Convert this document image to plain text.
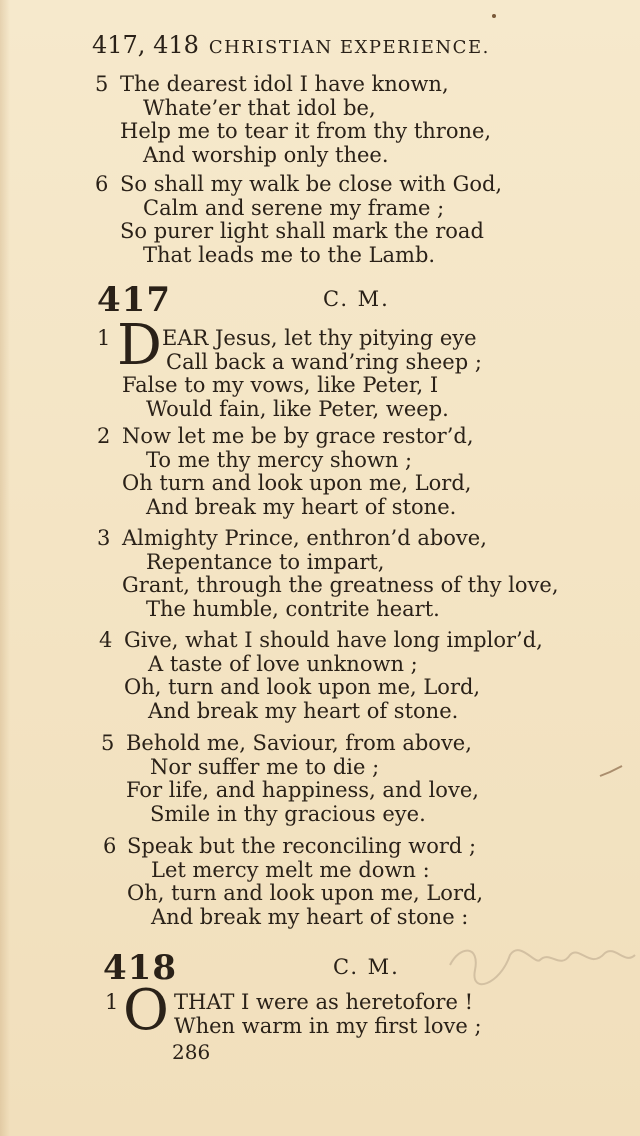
417, 418 CHRISTIAN EXPERIENCE.
5 The dearest idol I have known,
Whate’er that idol be,
Help me to tear it from thy throne,
And worship only thee.
6 So shall my walk be close with God,
Calm and serene my frame ;
So purer light shall mark the road
That leads me to the Lamb.
417	C. M.
1 D EAR Jesus, let thy pitying eye
Call back a wand’ring sheep ;
False to my vows, like Peter, I
Would fain, like Peter, weep.
2 Now let me be by grace restor’d,
To me thy mercy shown ;
Oh turn and look upon me, Lord,
And break my heart of stone.
3 Almighty Prince, enthron’d above,
Repentance to impart,
Grant, through the greatness of thy love,
The humble, contrite heart.
4 Give, what I should have long implor’d,
A taste of love unknown ;
Oh, turn and look upon me, Lord,
And break my heart of stone.
5 Behold me, Saviour, from above,
Nor suffer me to die ;
For life, and happiness, and love,
Smile in thy gracious eye.
6 Speak but the reconciling word ;
Let mercy melt me down :
Oh, turn and look upon me, Lord,
And break my heart of stone :
418	C. M.
1 O THAT I were as heretofore !
When warm in my first love ;
286
